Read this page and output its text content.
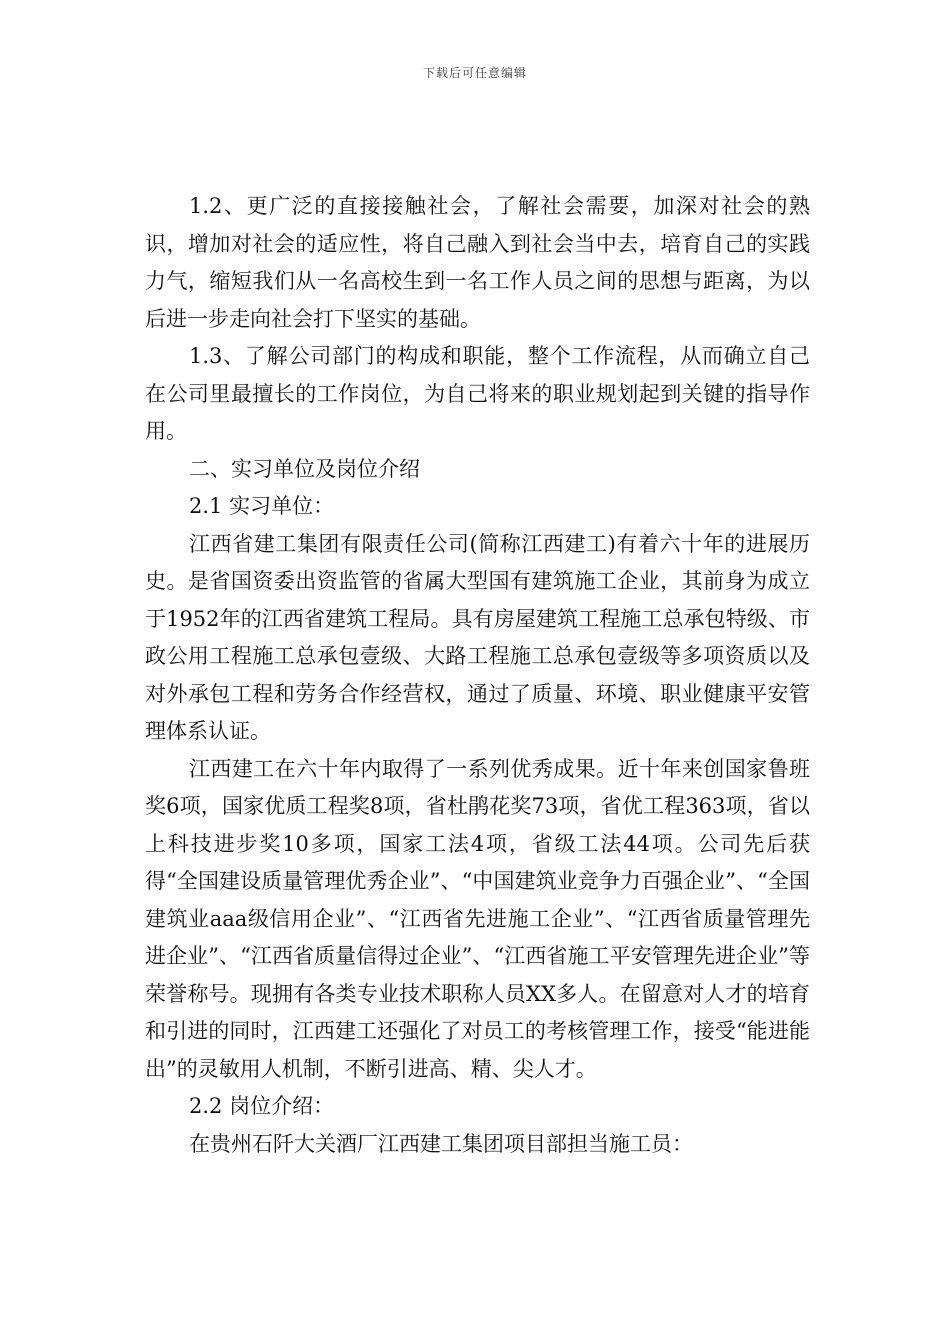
下载后可任意编辑

1.2、更广泛的直接接触社会，了解社会需要，加深对社会的熟识，增加对社会的适应性，将自己融入到社会当中去，培育自己的实践力气，缩短我们从一名高校生到一名工作人员之间的思想与距离，为以后进一步走向社会打下坚实的基础。

1.3、了解公司部门的构成和职能，整个工作流程，从而确立自己在公司里最擅长的工作岗位，为自己将来的职业规划起到关键的指导作用。

二、实习单位及岗位介绍

2.1 实习单位：

江西省建工集团有限责任公司(简称江西建工)有着六十年的进展历史。是省国资委出资监管的省属大型国有建筑施工企业，其前身为成立于1952年的江西省建筑工程局。具有房屋建筑工程施工总承包特级、市政公用工程施工总承包壹级、大路工程施工总承包壹级等多项资质以及对外承包工程和劳务合作经营权，通过了质量、环境、职业健康平安管理体系认证。

江西建工在六十年内取得了一系列优秀成果。近十年来创国家鲁班奖6项，国家优质工程奖8项，省杜鹃花奖73项，省优工程363项，省以上科技进步奖10多项，国家工法4项，省级工法44项。公司先后获得“全国建设质量管理优秀企业”、“中国建筑业竞争力百强企业”、“全国建筑业aaa级信用企业”、“江西省先进施工企业”、“江西省质量管理先进企业”、“江西省质量信得过企业”、“江西省施工平安管理先进企业”等荣誉称号。现拥有各类专业技术职称人员XX多人。在留意对人才的培育和引进的同时，江西建工还强化了对员工的考核管理工作，接受“能进能出”的灵敏用人机制，不断引进高、精、尖人才。

2.2 岗位介绍：

在贵州石阡大关酒厂江西建工集团项目部担当施工员：
